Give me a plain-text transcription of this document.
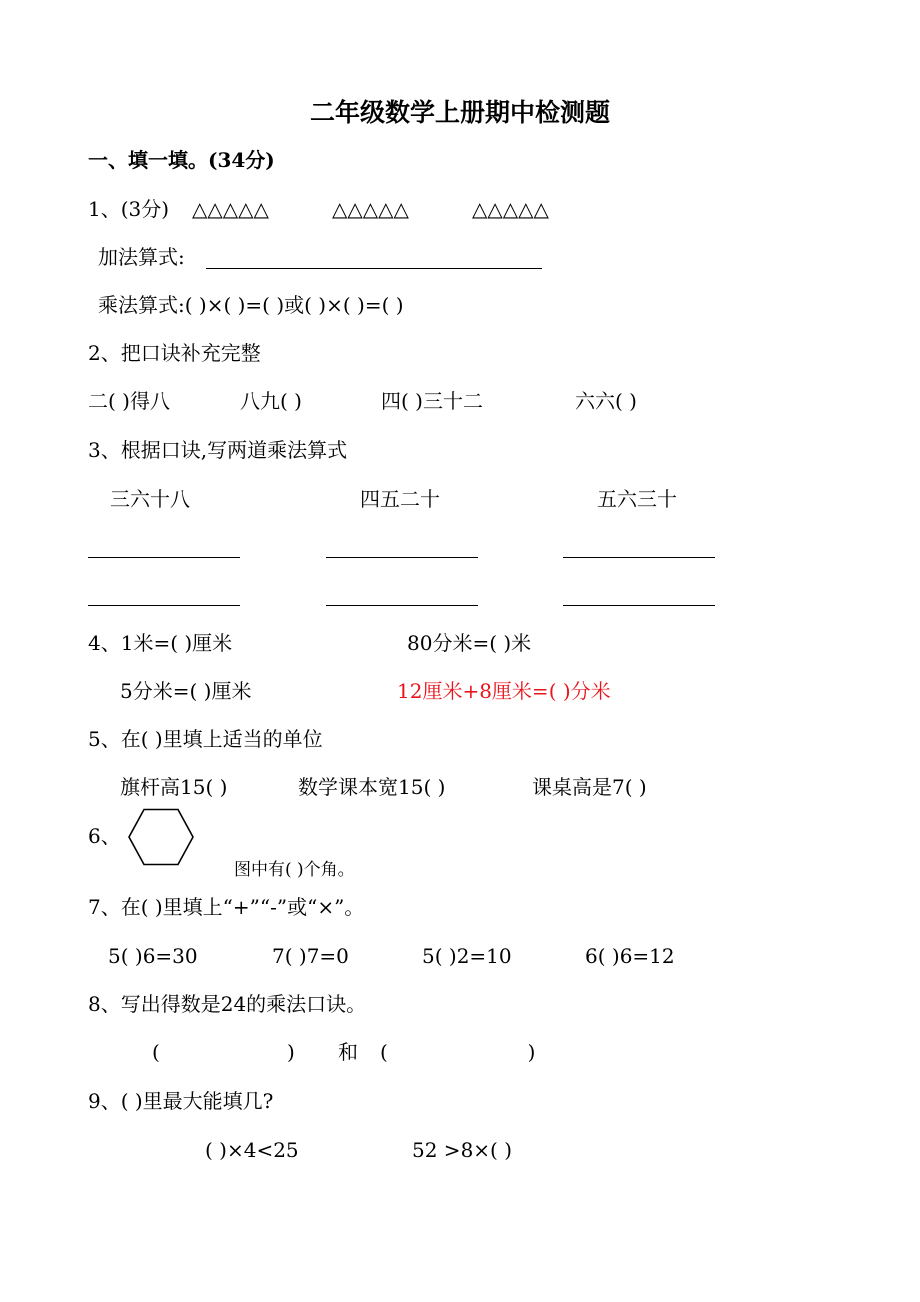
二年级数学上册期中检测题
一、填一填。(34分)
1、(3分) △△△△△	△△△△△	△△△△△
加法算式:
乘法算式:( )×( )=( )或( )×( )=( )
2、把口诀补充完整
二( )得八	八九( )	四( )三十二	六六( )
3、根据口诀,写两道乘法算式
三六十八	四五二十	五六三十
4、1米=( )厘米	80分米=( )米
5分米=( )厘米	12厘米+8厘米=( )分米
5、在( )里填上适当的单位
旗杆高15( )	数学课本宽15( )	课桌高是7( )
6、
图中有( )个角。
7、在( )里填上“+”“-”或“×”。
5( )6=30	7( )7=0	5( )2=10	6( )6=12
8、写出得数是24的乘法口诀。
(                    ) 和 (                      )
9、( )里最大能填几?
( )×4<25	52 >8×( )
